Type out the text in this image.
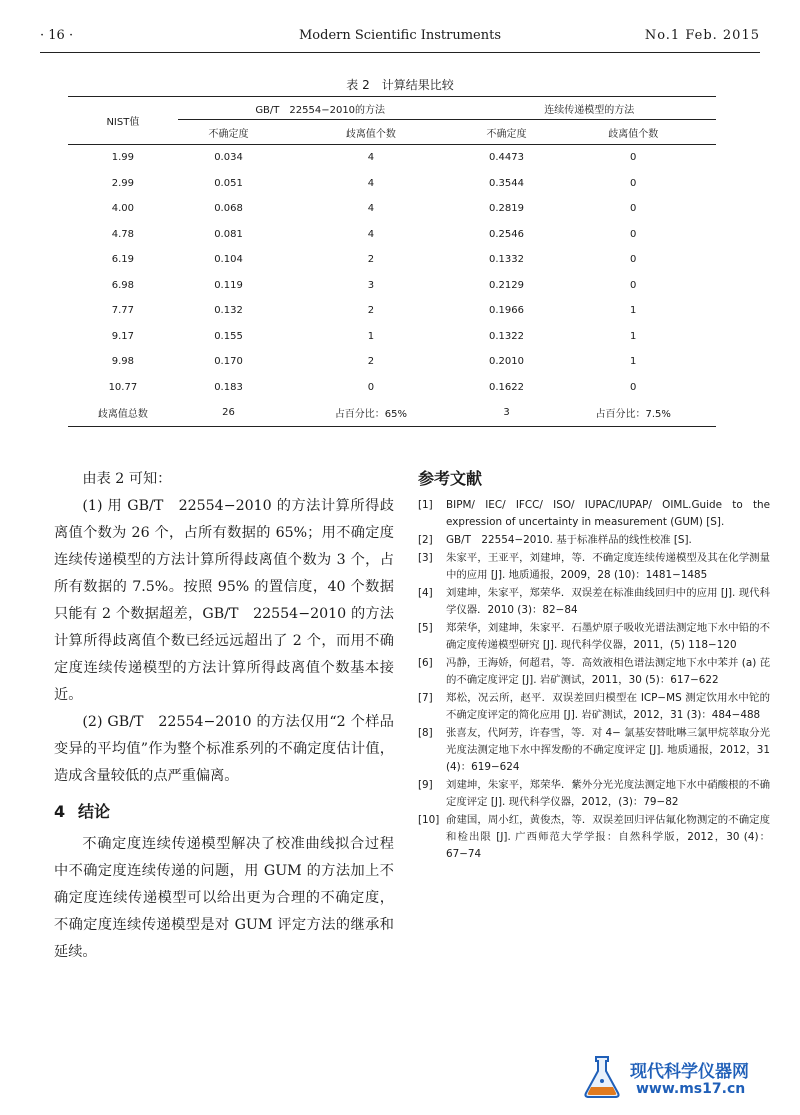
· 16 ·	Modern Scientific Instruments	No.1 Feb. 2015
表 2　计算结果比较
NIST值	GB/T　22554−2010的方法		连续传递模型的方法	
	不确定度	歧离值个数	不确定度	歧离值个数
1.99	0.034	4	0.4473	0
2.99	0.051	4	0.3544	0
4.00	0.068	4	0.2819	0
4.78	0.081	4	0.2546	0
6.19	0.104	2	0.1332	0
6.98	0.119	3	0.2129	0
7.77	0.132	2	0.1966	1
9.17	0.155	1	0.1322	1
9.98	0.170	2	0.2010	1
10.77	0.183	0	0.1622	0
歧离值总数	26	占百分比：65%	3	占百分比：7.5%

由表 2 可知：

(1) 用 GB/T　22554−2010 的方法计算所得歧离值个数为 26 个，占所有数据的 65%；用不确定度连续传递模型的方法计算所得歧离值个数为 3 个，占所有数据的 7.5%。按照 95% 的置信度，40 个数据只能有 2 个数据超差，GB/T　22554−2010 的方法计算所得歧离值个数已经远远超出了 2 个，而用不确定度连续传递模型的方法计算所得歧离值个数基本接近。

(2) GB/T　22554−2010 的方法仅用“2 个样品变异的平均值”作为整个标准系列的不确定度估计值，造成含量较低的点严重偏离。

4 结论

不确定度连续传递模型解决了校准曲线拟合过程中不确定度连续传递的问题，用 GUM 的方法加上不确定度连续传递模型可以给出更为合理的不确定度，不确定度连续传递模型是对 GUM 评定方法的继承和延续。

参考文献
[1]	BIPM/ IEC/ IFCC/ ISO/ IUPAC/IUPAP/ OIML.Guide to the expression of uncertainty in measurement (GUM) [S].
[2]	GB/T　22554−2010. 基于标准样品的线性校准 [S].
[3]	朱家平，王亚平，刘建坤，等．不确定度连续传递模型及其在化学测量中的应用 [J]. 地质通报，2009，28 (10)：1481−1485
[4]	刘建坤，朱家平，郑荣华．双误差在标准曲线回归中的应用 [J]. 现代科学仪器．2010 (3)：82−84
[5]	郑荣华，刘建坤，朱家平．石墨炉原子吸收光谱法测定地下水中铅的不确定度传递模型研究 [J]. 现代科学仪器，2011，(5) 118−120
[6]	冯静，王海娇，何超君，等．高效液相色谱法测定地下水中苯并 (a) 芘的不确定度评定 [J]. 岩矿测试，2011，30 (5)：617−622
[7]	郑松，况云所，赵平．双误差回归模型在 ICP−MS 测定饮用水中铊的不确定度评定的简化应用 [J]. 岩矿测试，2012，31 (3)：484−488
[8]	张喜友，代阿芳，许春雪，等．对 4− 氯基安替吡啉三氯甲烷萃取分光光度法测定地下水中挥发酚的不确定度评定 [J]. 地质通报，2012，31 (4)：619−624
[9]	刘建坤，朱家平，郑荣华．紫外分光光度法测定地下水中硝酸根的不确定度评定 [J]. 现代科学仪器，2012，(3)：79−82
[10] 俞建国，周小红，黄俊杰，等．双误差回归评估氟化物测定的不确定度和检出限 [J]. 广西师范大学学报：自然科学版，2012，30 (4)：67−74
现代科学仪器网
www.ms17.cn
